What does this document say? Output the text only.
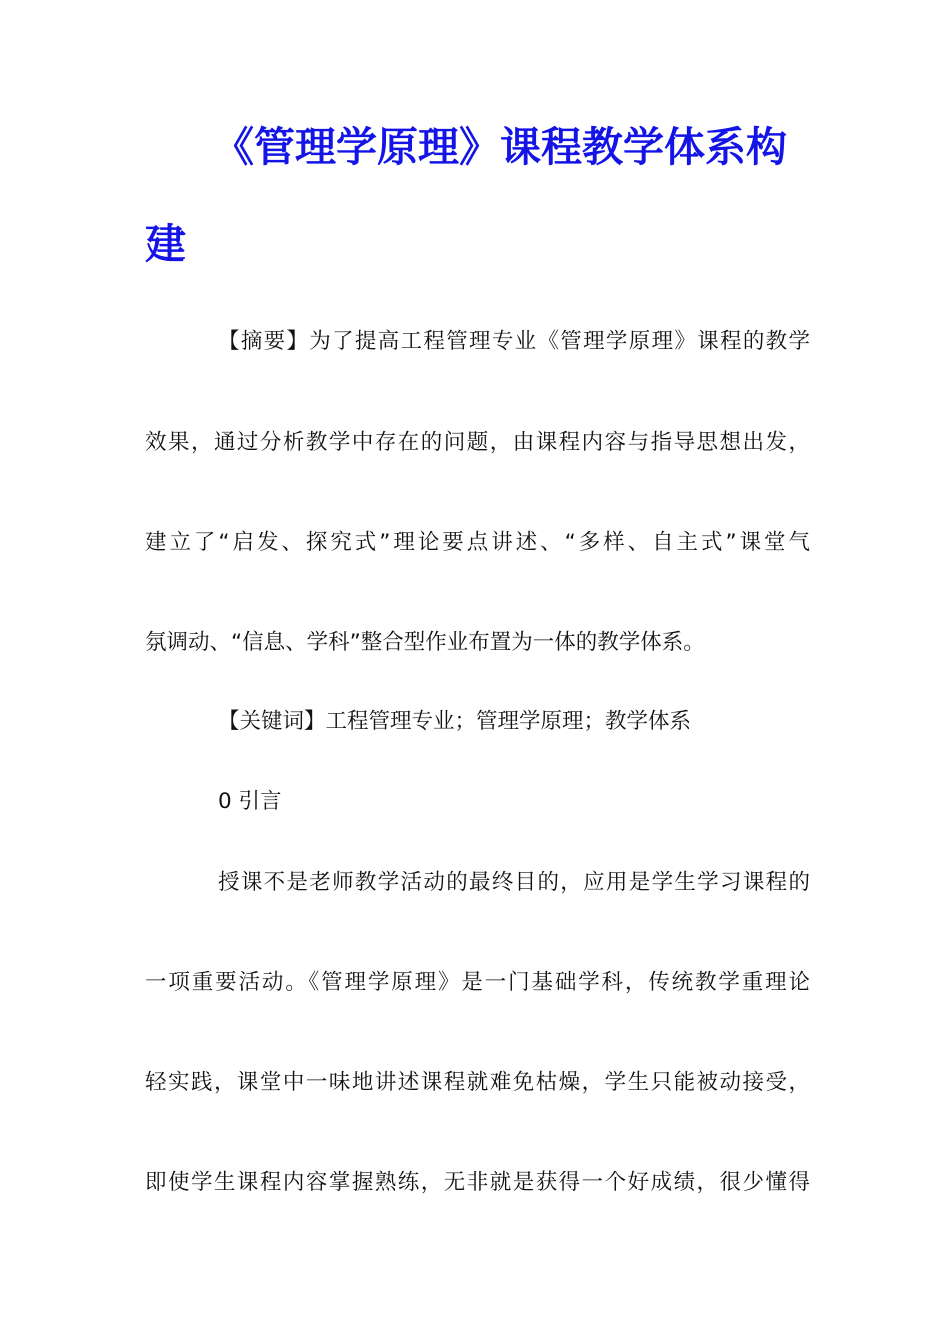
《管理学原理》课程教学体系构
建

【摘要】为了提高工程管理专业《管理学原理》课程的教学

效果，通过分析教学中存在的问题，由课程内容与指导思想出发，

建立了“启发、探究式”理论要点讲述、“多样、自主式”课堂气

氛调动、“信息、学科”整合型作业布置为一体的教学体系。

【关键词】工程管理专业；管理学原理；教学体系

0 引言

授课不是老师教学活动的最终目的，应用是学生学习课程的

一项重要活动。《管理学原理》是一门基础学科，传统教学重理论

轻实践，课堂中一味地讲述课程就难免枯燥，学生只能被动接受，

即使学生课程内容掌握熟练，无非就是获得一个好成绩，很少懂得
